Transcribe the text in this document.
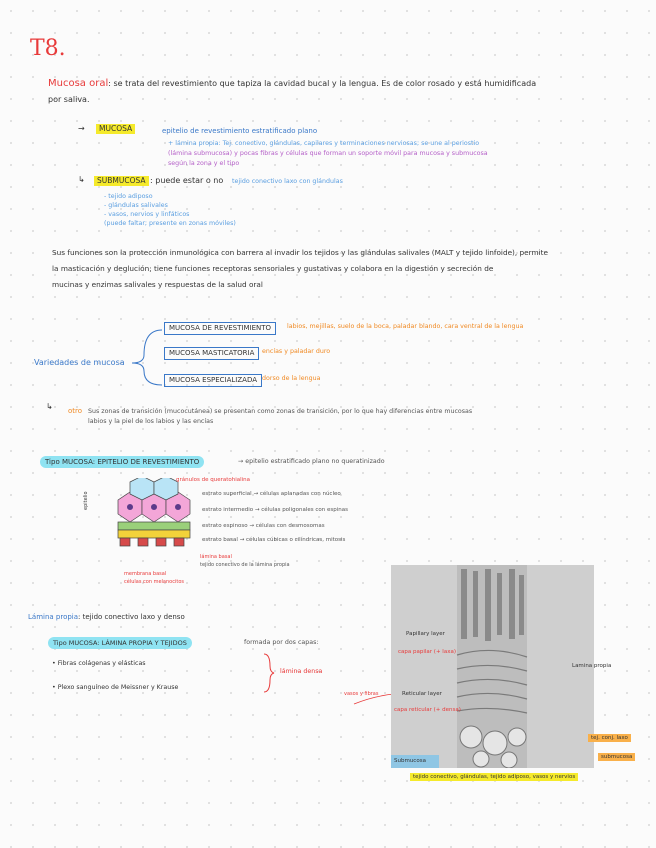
T8.
Mucosa oral: se trata del revestimiento que tapiza la cavidad bucal y la lengua. Es de color rosado y está humidificada
por saliva.
→	MUCOSA	epitelio de revestimiento estratificado plano
+ lámina propia: Tej. conectivo, glándulas, capilares y terminaciones nerviosas; se une al periostio
(lámina submucosa) y pocas fibras y células que forman un soporte móvil para mucosa y submucosa
según la zona y el tipo
↳	SUBMUCOSA : puede estar o no tejido conectivo laxo con glándulas
- tejido adiposo
- glándulas salivales
- vasos, nervios y linfáticos
(puede faltar; presente en zonas móviles)
Sus funciones son la protección inmunológica con barrera al invadir los tejidos y las glándulas salivales (MALT y tejido linfoide), permite
la masticación y deglución; tiene funciones receptoras sensoriales y gustativas y colabora en la digestión y secreción de
mucinas y enzimas salivales y respuestas de la salud oral
Variedades de mucosa
MUCOSA DE REVESTIMIENTO	labios, mejillas, suelo de la boca, paladar blando, cara ventral de la lengua
MUCOSA MASTICATORIA	encías y paladar duro
MUCOSA ESPECIALIZADA dorso de la lengua
↳ otro Sus zonas de transición (mucocutánea) se presentan como zonas de transición, por lo que hay diferencias entre mucosas
labios y la piel de los labios y las encías
Tipo MUCOSA: EPITELIO DE REVESTIMIENTO	→ epitelio estratificado plano no queratinizado
epitelio
gránulos de queratohialina
estrato superficial → células aplanadas con núcleo
estrato intermedio → células poligonales con espinas
estrato espinoso → células con desmosomas
estrato basal → células cúbicas o cilíndricas, mitosis
membrana basal
células con melanocitos
lámina basal
tejido conectivo de la lámina propia
Lámina propia: tejido conectivo laxo y denso
Tipo MUCOSA: LÁMINA PROPIA Y TEJIDOS	formada por dos capas:
• Fibras colágenas y elásticas
• Plexo sanguíneo de Meissner y Krause
lámina densa
vasos y fibras
Papillary layer
capa papilar (+ laxa)
Reticular layer
capa reticular (+ densa)
Lamina propia
Submucosa
tejido conectivo, glándulas, tejido adiposo, vasos y nervios
tej. conj. laxo
submucosa
